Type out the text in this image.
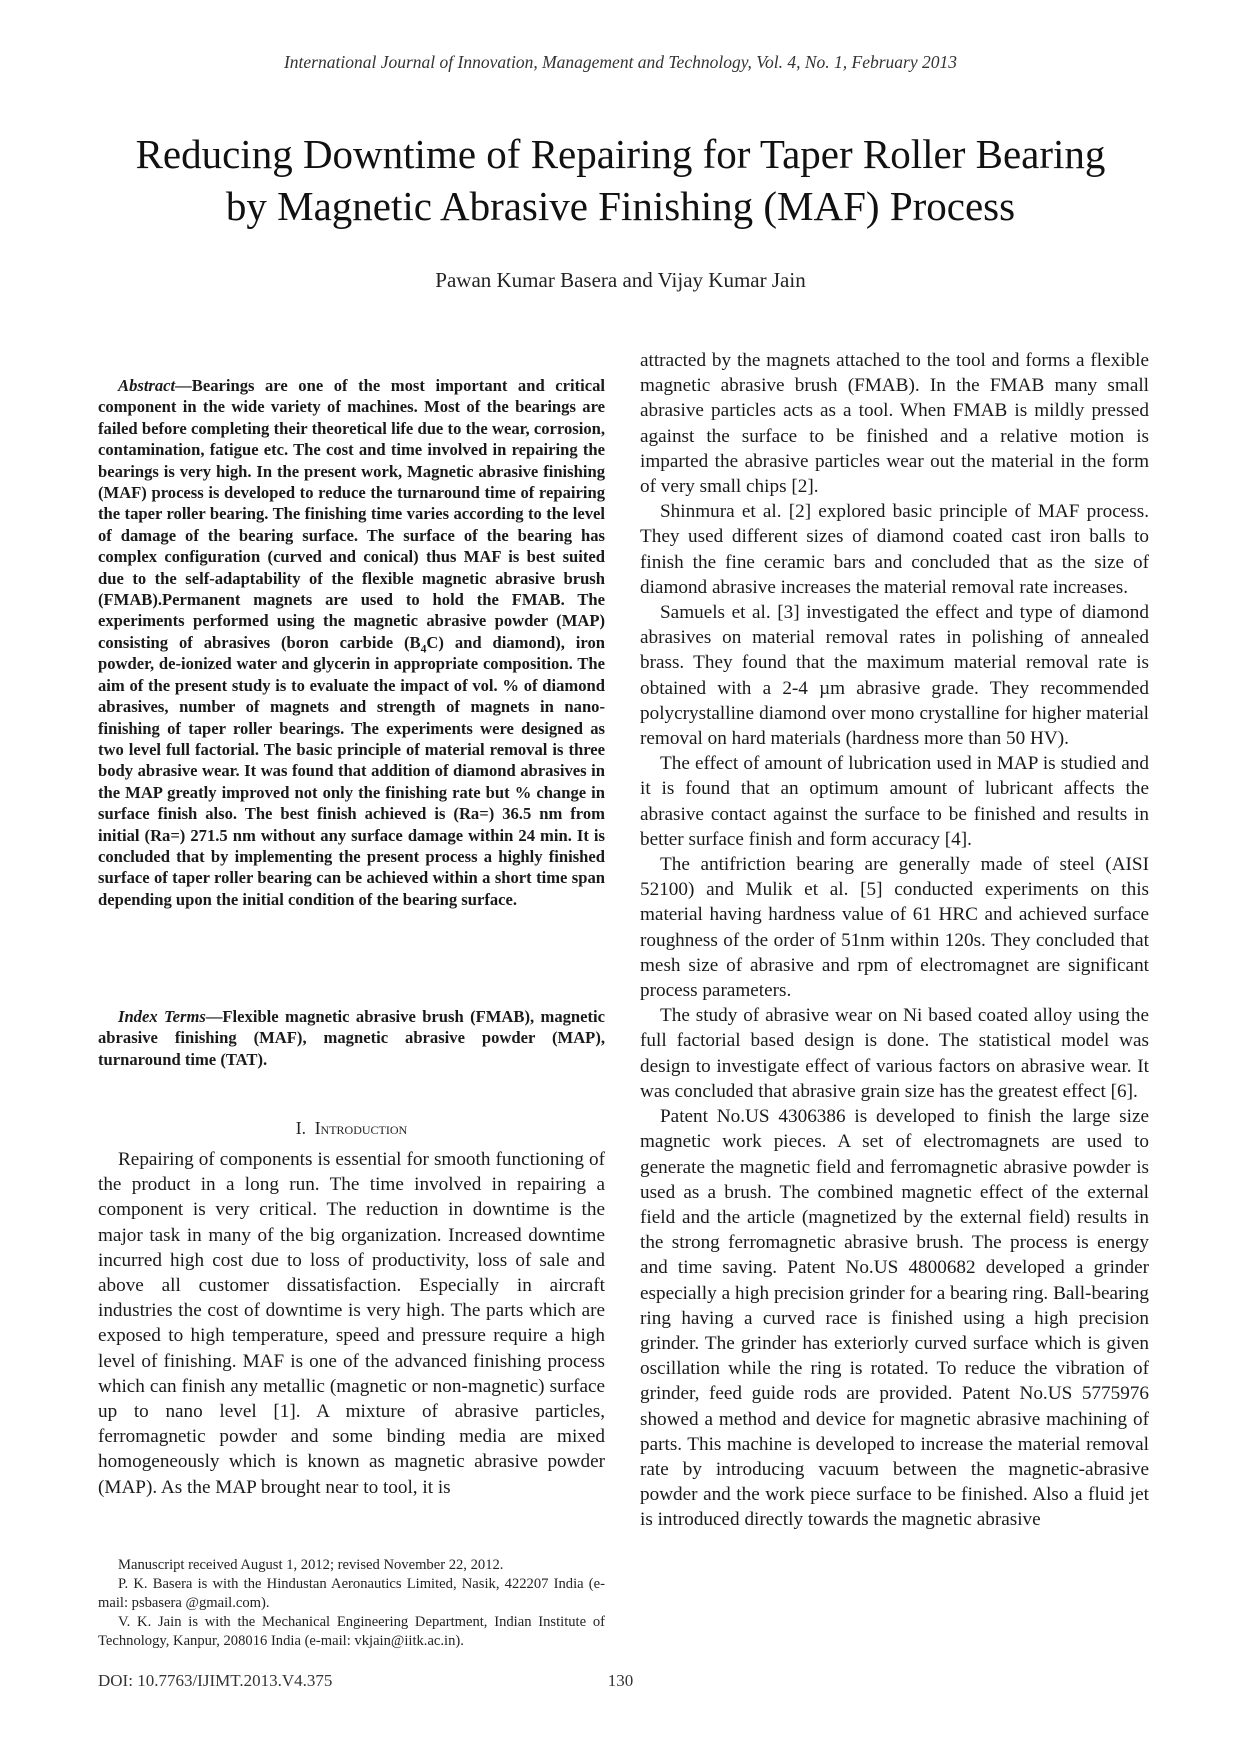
International Journal of Innovation, Management and Technology, Vol. 4, No. 1, February 2013
Reducing Downtime of Repairing for Taper Roller Bearing
by Magnetic Abrasive Finishing (MAF) Process
Pawan Kumar Basera and Vijay Kumar Jain

Abstract—Bearings are one of the most important and critical component in the wide variety of machines. Most of the bearings are failed before completing their theoretical life due to the wear, corrosion, contamination, fatigue etc. The cost and time involved in repairing the bearings is very high. In the present work, Magnetic abrasive finishing (MAF) process is developed to reduce the turnaround time of repairing the taper roller bearing. The finishing time varies according to the level of damage of the bearing surface. The surface of the bearing has complex configuration (curved and conical) thus MAF is best suited due to the self-adaptability of the flexible magnetic abrasive brush (FMAB).Permanent magnets are used to hold the FMAB. The experiments performed using the magnetic abrasive powder (MAP) consisting of abrasives (boron carbide $(B_4C)$ and diamond), iron powder, de-ionized water and glycerin in appropriate composition. The aim of the present study is to evaluate the impact of vol. % of diamond abrasives, number of magnets and strength of magnets in nano-finishing of taper roller bearings. The experiments were designed as two level full factorial. The basic principle of material removal is three body abrasive wear. It was found that addition of diamond abrasives in the MAP greatly improved not only the finishing rate but % change in surface finish also. The best finish achieved is (Ra=) 36.5 nm from initial (Ra=) 271.5 nm without any surface damage within 24 min. It is concluded that by implementing the present process a highly finished surface of taper roller bearing can be achieved within a short time span depending upon the initial condition of the bearing surface.

Index Terms—Flexible magnetic abrasive brush (FMAB), magnetic abrasive finishing (MAF), magnetic abrasive powder (MAP), turnaround time (TAT).

I. Introduction

Repairing of components is essential for smooth functioning of the product in a long run. The time involved in repairing a component is very critical. The reduction in downtime is the major task in many of the big organization. Increased downtime incurred high cost due to loss of productivity, loss of sale and above all customer dissatisfaction. Especially in aircraft industries the cost of downtime is very high. The parts which are exposed to high temperature, speed and pressure require a high level of finishing. MAF is one of the advanced finishing process which can finish any metallic (magnetic or non-magnetic) surface up to nano level [1]. A mixture of abrasive particles, ferromagnetic powder and some binding media are mixed homogeneously which is known as magnetic abrasive powder (MAP). As the MAP brought near to tool, it is

attracted by the magnets attached to the tool and forms a flexible magnetic abrasive brush (FMAB). In the FMAB many small abrasive particles acts as a tool. When FMAB is mildly pressed against the surface to be finished and a relative motion is imparted the abrasive particles wear out the material in the form of very small chips [2].

Shinmura et al. [2] explored basic principle of MAF process. They used different sizes of diamond coated cast iron balls to finish the fine ceramic bars and concluded that as the size of diamond abrasive increases the material removal rate increases.

Samuels et al. [3] investigated the effect and type of diamond abrasives on material removal rates in polishing of annealed brass. They found that the maximum material removal rate is obtained with a 2-4 µm abrasive grade. They recommended polycrystalline diamond over mono crystalline for higher material removal on hard materials (hardness more than 50 HV).

The effect of amount of lubrication used in MAP is studied and it is found that an optimum amount of lubricant affects the abrasive contact against the surface to be finished and results in better surface finish and form accuracy [4].

The antifriction bearing are generally made of steel (AISI 52100) and Mulik et al. [5] conducted experiments on this material having hardness value of 61 HRC and achieved surface roughness of the order of 51nm within 120s. They concluded that mesh size of abrasive and rpm of electromagnet are significant process parameters.

The study of abrasive wear on Ni based coated alloy using the full factorial based design is done. The statistical model was design to investigate effect of various factors on abrasive wear. It was concluded that abrasive grain size has the greatest effect [6].

Patent No.US 4306386 is developed to finish the large size magnetic work pieces. A set of electromagnets are used to generate the magnetic field and ferromagnetic abrasive powder is used as a brush. The combined magnetic effect of the external field and the article (magnetized by the external field) results in the strong ferromagnetic abrasive brush. The process is energy and time saving. Patent No.US 4800682 developed a grinder especially a high precision grinder for a bearing ring. Ball-bearing ring having a curved race is finished using a high precision grinder. The grinder has exteriorly curved surface which is given oscillation while the ring is rotated. To reduce the vibration of grinder, feed guide rods are provided. Patent No.US 5775976 showed a method and device for magnetic abrasive machining of parts. This machine is developed to increase the material removal rate by introducing vacuum between the magnetic-abrasive powder and the work piece surface to be finished. Also a fluid jet is introduced directly towards the magnetic abrasive

Manuscript received August 1, 2012; revised November 22, 2012.

P. K. Basera is with the Hindustan Aeronautics Limited, Nasik, 422207 India (e-mail: psbasera @gmail.com).

V. K. Jain is with the Mechanical Engineering Department, Indian Institute of Technology, Kanpur, 208016 India (e-mail: vkjain@iitk.ac.in).

DOI: 10.7763/IJIMT.2013.V4.375	130
